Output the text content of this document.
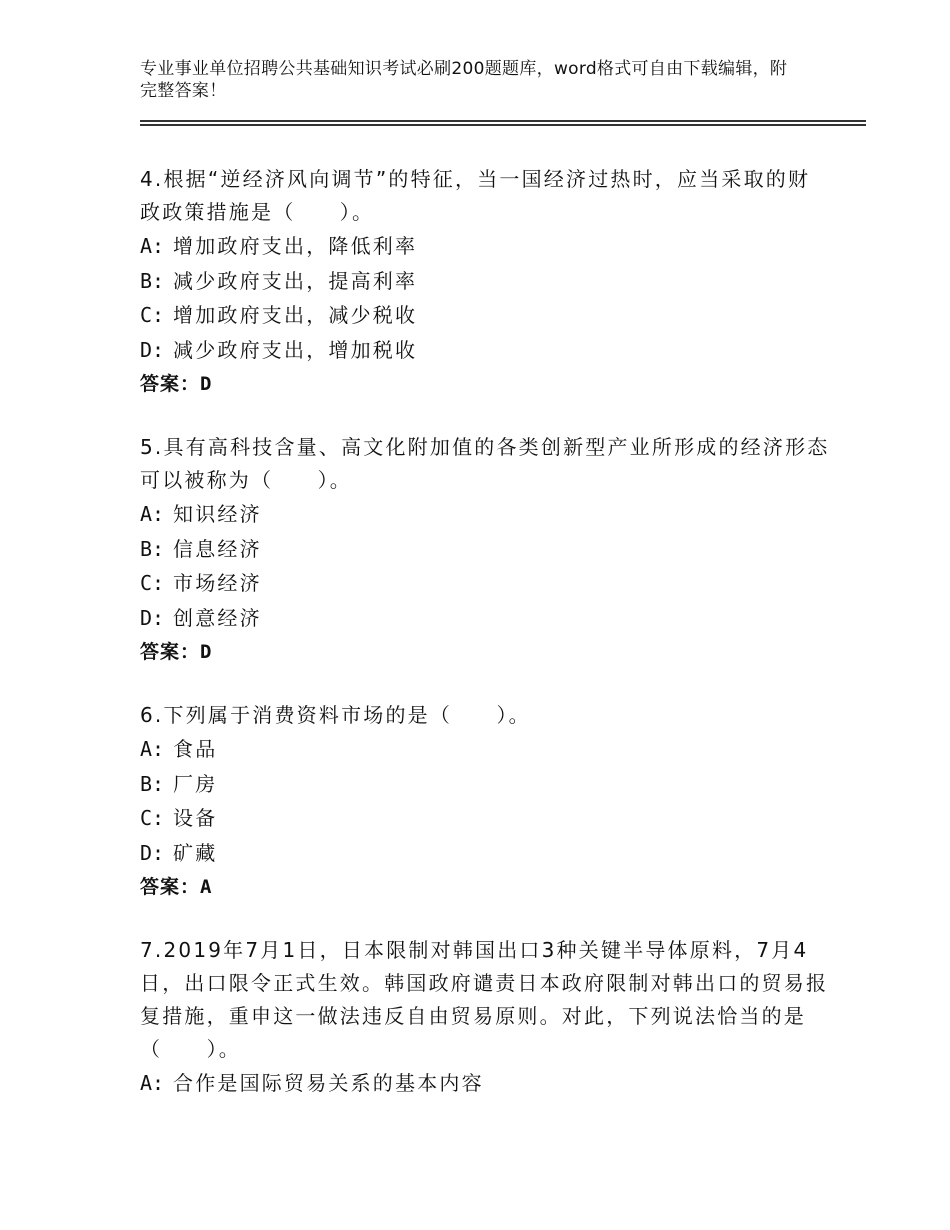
专业事业单位招聘公共基础知识考试必刷200题题库，word格式可自由下载编辑，附完整答案！
4.根据“逆经济风向调节”的特征，当一国经济过热时，应当采取的财政政策措施是（　　）。
A: 增加政府支出，降低利率
B: 减少政府支出，提高利率
C: 增加政府支出，减少税收
D: 减少政府支出，增加税收
答案：D
5.具有高科技含量、高文化附加值的各类创新型产业所形成的经济形态可以被称为（　　）。
A: 知识经济
B: 信息经济
C: 市场经济
D: 创意经济
答案：D
6.下列属于消费资料市场的是（　　）。
A: 食品
B: 厂房
C: 设备
D: 矿藏
答案：A
7.2019年7月1日，日本限制对韩国出口3种关键半导体原料，7月4日，出口限令正式生效。韩国政府谴责日本政府限制对韩出口的贸易报复措施，重申这一做法违反自由贸易原则。对此，下列说法恰当的是（　　）。
A: 合作是国际贸易关系的基本内容
